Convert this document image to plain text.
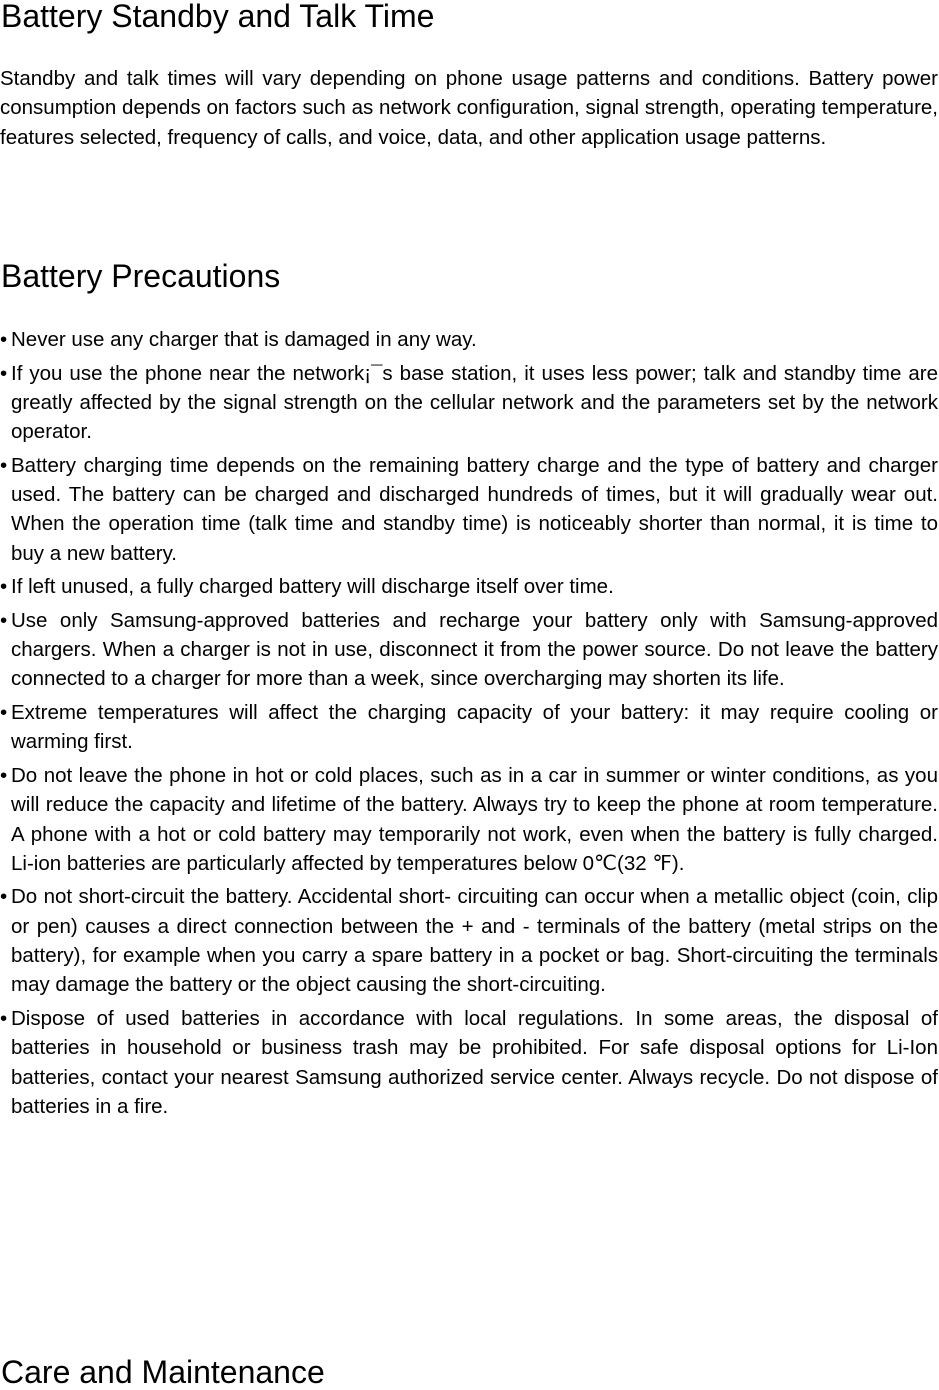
Battery Standby and Talk Time

Standby and talk times will vary depending on phone usage patterns and conditions. Battery power consumption depends on factors such as network configuration, signal strength, operating temperature, features selected, frequency of calls, and voice, data, and other application usage patterns.

Battery Precautions
• Never use any charger that is damaged in any way.
• If you use the phone near the network¡¯s base station, it uses less power; talk and standby time are greatly affected by the signal strength on the cellular network and the parameters set by the network operator.
• Battery charging time depends on the remaining battery charge and the type of battery and charger used. The battery can be charged and discharged hundreds of times, but it will gradually wear out. When the operation time (talk time and standby time) is noticeably shorter than normal, it is time to buy a new battery.
• If left unused, a fully charged battery will discharge itself over time.
• Use only Samsung-approved batteries and recharge your battery only with Samsung-approved chargers. When a charger is not in use, disconnect it from the power source. Do not leave the battery connected to a charger for more than a week, since overcharging may shorten its life.
• Extreme temperatures will affect the charging capacity of your battery: it may require cooling or warming first.
• Do not leave the phone in hot or cold places, such as in a car in summer or winter conditions, as you will reduce the capacity and lifetime of the battery. Always try to keep the phone at room temperature. A phone with a hot or cold battery may temporarily not work, even when the battery is fully charged. Li-ion batteries are particularly affected by temperatures below 0℃(32 ℉).
• Do not short-circuit the battery. Accidental short- circuiting can occur when a metallic object (coin, clip or pen) causes a direct connection between the + and - terminals of the battery (metal strips on the battery), for example when you carry a spare battery in a pocket or bag. Short-circuiting the terminals may damage the battery or the object causing the short-circuiting.
• Dispose of used batteries in accordance with local regulations. In some areas, the disposal of batteries in household or business trash may be prohibited. For safe disposal options for Li-Ion batteries, contact your nearest Samsung authorized service center. Always recycle. Do not dispose of batteries in a fire.
Care and Maintenance
